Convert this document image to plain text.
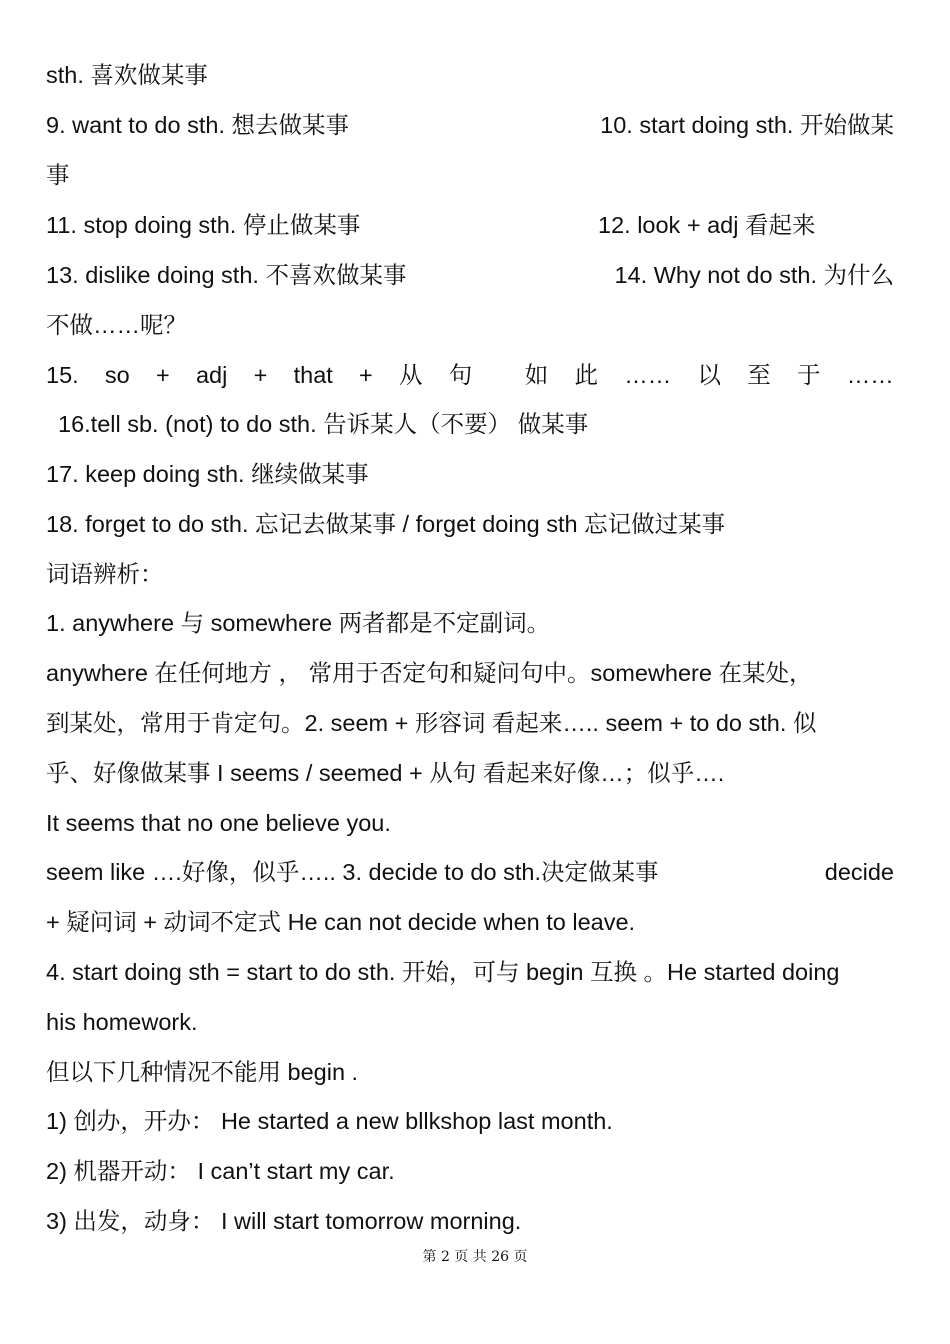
sth. 喜欢做某事
9. want to do sth. 想去做某事	10. start doing sth. 开始做某
事
11. stop doing sth. 停止做某事	12. look + adj 看起来
13. dislike doing sth. 不喜欢做某事	14. Why not do sth. 为什么
不做……呢？
15. so + adj + that + 从 句 如 此 …… 以 至 于 ……
16.tell sb. (not) to do sth. 告诉某人（不要） 做某事
17. keep doing sth. 继续做某事
18. forget to do sth. 忘记去做某事 / forget doing sth 忘记做过某事
词语辨析：
1. anywhere 与 somewhere 两者都是不定副词。
anywhere 在任何地方 ， 常用于否定句和疑问句中。somewhere 在某处，
到某处，常用于肯定句。2. seem + 形容词 看起来….. seem + to do sth. 似
乎、好像做某事 I seems / seemed + 从句 看起来好像…；似乎….
It seems that no one believe you.
seem like ….好像，似乎….. 3. decide to do sth.决定做某事	decide
+ 疑问词 + 动词不定式 He can not decide when to leave.
4. start doing sth = start to do sth. 开始，可与 begin 互换 。He started doing
his homework.
但以下几种情况不能用 begin .
1) 创办，开办： He started a new bllkshop last month.
2) 机器开动： I can’t start my car.
3) 出发，动身： I will start tomorrow morning.
第 2 页 共 26 页
